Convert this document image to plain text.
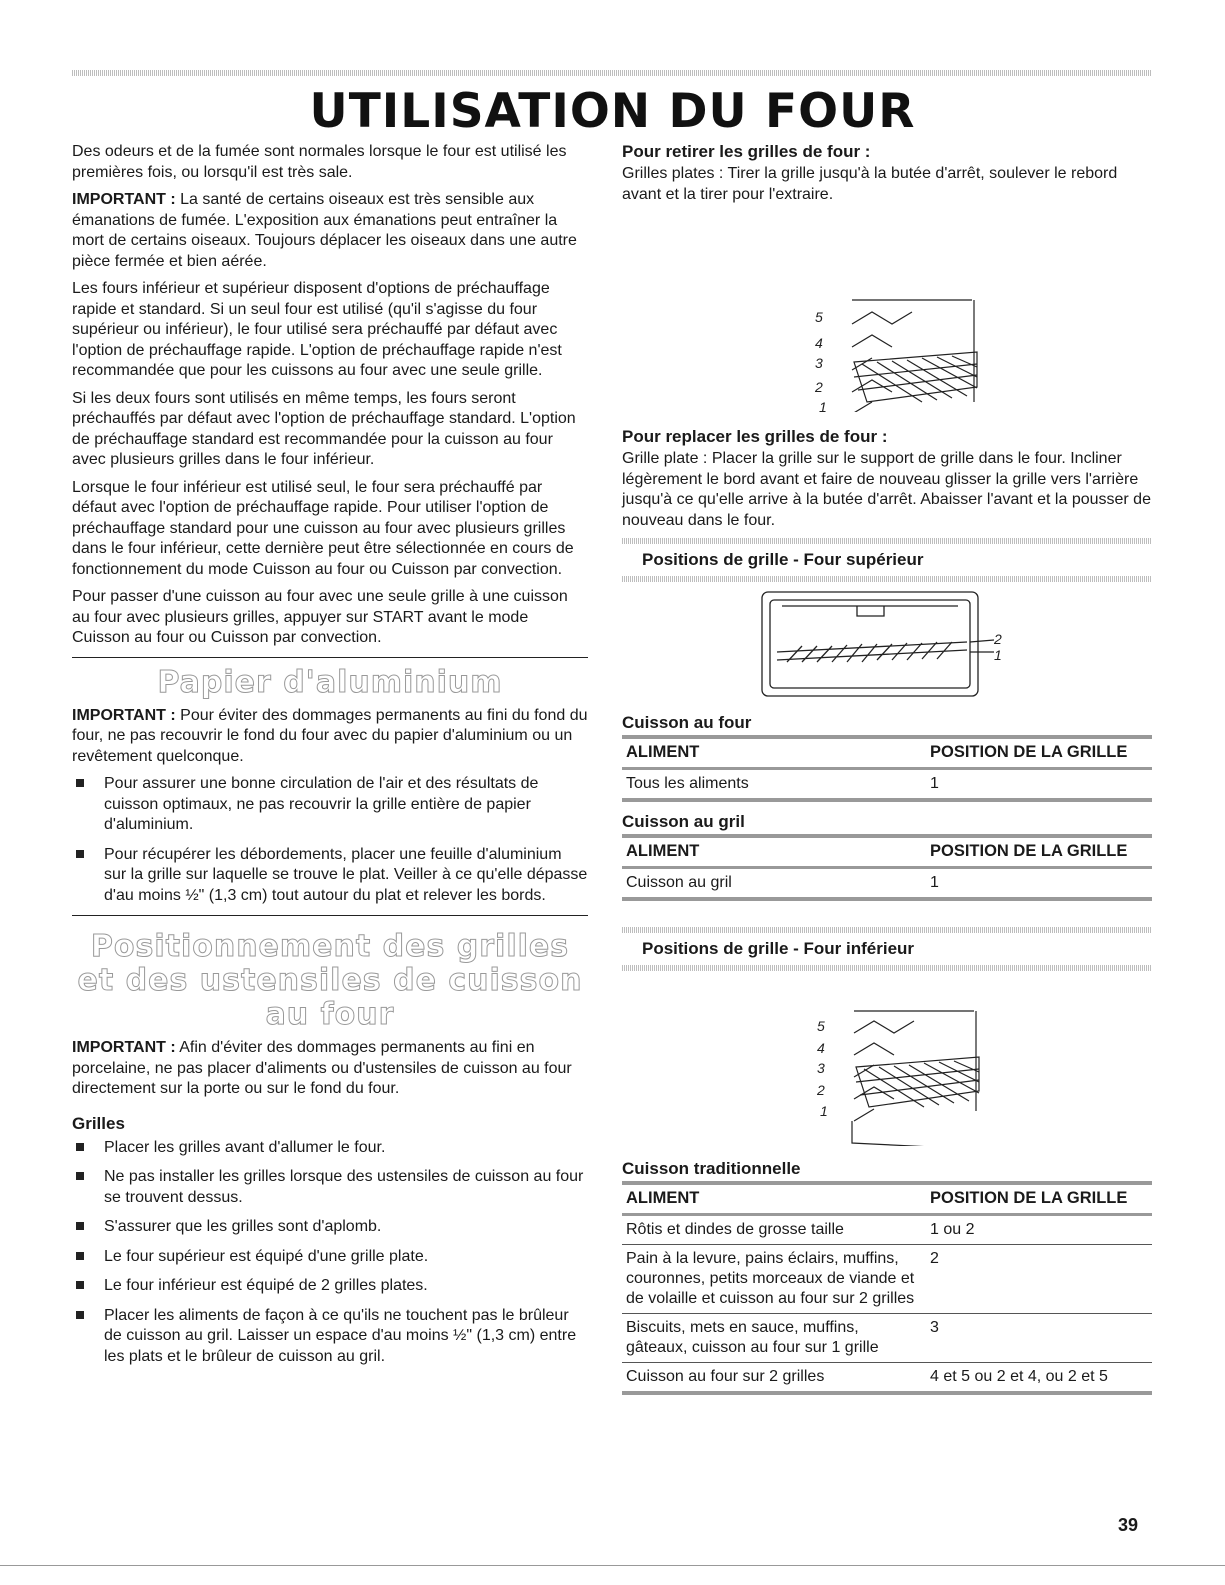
UTILISATION DU FOUR

Des odeurs et de la fumée sont normales lorsque le four est utilisé les premières fois, ou lorsqu'il est très sale.

IMPORTANT : La santé de certains oiseaux est très sensible aux émanations de fumée. L'exposition aux émanations peut entraîner la mort de certains oiseaux. Toujours déplacer les oiseaux dans une autre pièce fermée et bien aérée.

Les fours inférieur et supérieur disposent d'options de préchauffage rapide et standard. Si un seul four est utilisé (qu'il s'agisse du four supérieur ou inférieur), le four utilisé sera préchauffé par défaut avec l'option de préchauffage rapide. L'option de préchauffage rapide n'est recommandée que pour les cuissons au four avec une seule grille.

Si les deux fours sont utilisés en même temps, les fours seront préchauffés par défaut avec l'option de préchauffage standard. L'option de préchauffage standard est recommandée pour la cuisson au four avec plusieurs grilles dans le four inférieur.

Lorsque le four inférieur est utilisé seul, le four sera préchauffé par défaut avec l'option de préchauffage rapide. Pour utiliser l'option de préchauffage standard pour une cuisson au four avec plusieurs grilles dans le four inférieur, cette dernière peut être sélectionnée en cours de fonctionnement du mode Cuisson au four ou Cuisson par convection.

Pour passer d'une cuisson au four avec une seule grille à une cuisson au four avec plusieurs grilles, appuyer sur START avant le mode Cuisson au four ou Cuisson par convection.

Papier d'aluminium

IMPORTANT : Pour éviter des dommages permanents au fini du fond du four, ne pas recouvrir le fond du four avec du papier d'aluminium ou un revêtement quelconque.

Pour assurer une bonne circulation de l'air et des résultats de cuisson optimaux, ne pas recouvrir la grille entière de papier d'aluminium.
Pour récupérer les débordements, placer une feuille d'aluminium sur la grille sur laquelle se trouve le plat. Veiller à ce qu'elle dépasse d'au moins ½" (1,3 cm) tout autour du plat et relever les bords.
Positionnement des grilles et des ustensiles de cuisson au four

IMPORTANT : Afin d'éviter des dommages permanents au fini en porcelaine, ne pas placer d'aliments ou d'ustensiles de cuisson au four directement sur la porte ou sur le fond du four.

Grilles
Placer les grilles avant d'allumer le four.
Ne pas installer les grilles lorsque des ustensiles de cuisson au four se trouvent dessus.
S'assurer que les grilles sont d'aplomb.
Le four supérieur est équipé d'une grille plate.
Le four inférieur est équipé de 2 grilles plates.
Placer les aliments de façon à ce qu'ils ne touchent pas le brûleur de cuisson au gril. Laisser un espace d'au moins ½" (1,3 cm) entre les plats et le brûleur de cuisson au gril.
Pour retirer les grilles de four :

Grilles plates : Tirer la grille jusqu'à la butée d'arrêt, soulever le rebord avant et la tirer pour l'extraire.

5
4
3
2
1
Pour replacer les grilles de four :

Grille plate : Placer la grille sur le support de grille dans le four. Incliner légèrement le bord avant et faire de nouveau glisser la grille vers l'arrière jusqu'à ce qu'elle arrive à la butée d'arrêt. Abaisser l'avant et la pousser de nouveau dans le four.

Positions de grille - Four supérieur
2
1
Cuisson au four
ALIMENT	POSITION DE LA GRILLE
Tous les aliments	1
Cuisson au gril
ALIMENT	POSITION DE LA GRILLE
Cuisson au gril	1
Positions de grille - Four inférieur
5
4
3
2
1
Cuisson traditionnelle
ALIMENT	POSITION DE LA GRILLE
Rôtis et dindes de grosse taille	1 ou 2
Pain à la levure, pains éclairs, muffins, couronnes, petits morceaux de viande et de volaille et cuisson au four sur 2 grilles	2
Biscuits, mets en sauce, muffins, gâteaux, cuisson au four sur 1 grille	3
Cuisson au four sur 2 grilles	4 et 5 ou 2 et 4, ou 2 et 5
39
